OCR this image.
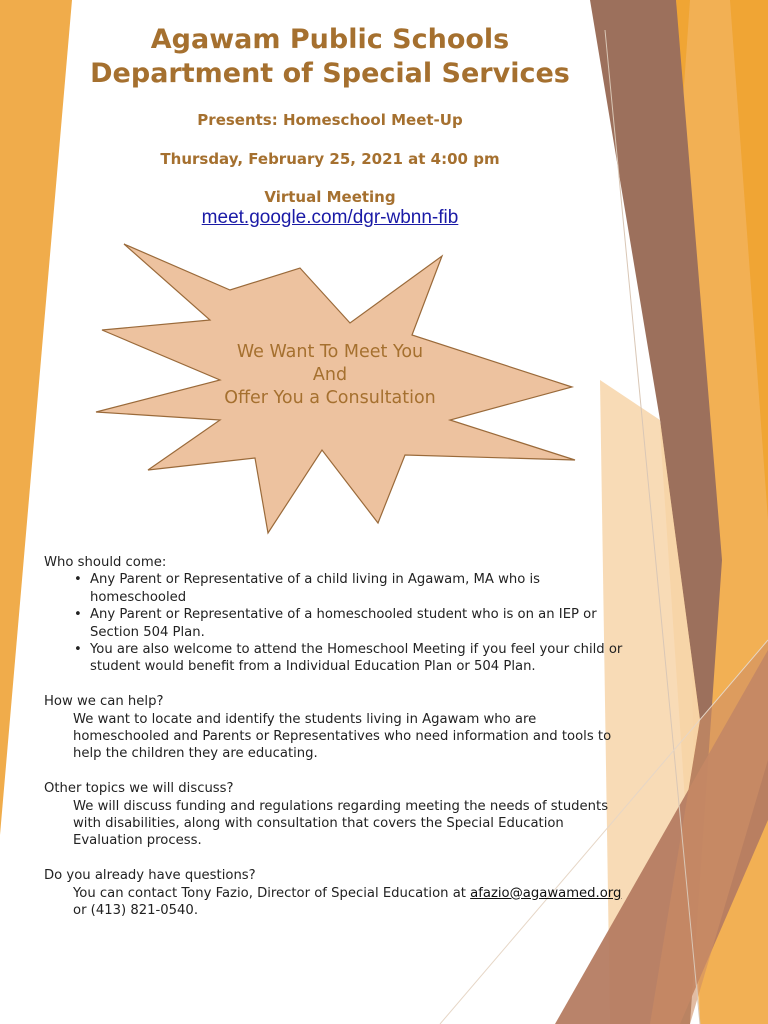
Agawam Public Schools
Department of Special Services
Presents: Homeschool Meet-Up
Thursday, February 25, 2021 at 4:00 pm
Virtual Meeting
meet.google.com/dgr-wbnn-fib
We Want To Meet You
And
Offer You a Consultation

Who should come:

• Any Parent or Representative of a child living in Agawam, MA who is homeschooled
• Any Parent or Representative of a homeschooled student who is on an IEP or Section 504 Plan.
• You are also welcome to attend the Homeschool Meeting if you feel your child or student would benefit from a Individual Education Plan or 504 Plan.

How we can help?

We want to locate and identify the students living in Agawam who are homeschooled and Parents or Representatives who need information and tools to help the children they are educating.

Other topics we will discuss?

We will discuss funding and regulations regarding meeting the needs of students with disabilities, along with consultation that covers the Special Education Evaluation process.

Do you already have questions?

You can contact Tony Fazio, Director of Special Education at afazio@agawamed.org or (413) 821-0540.
